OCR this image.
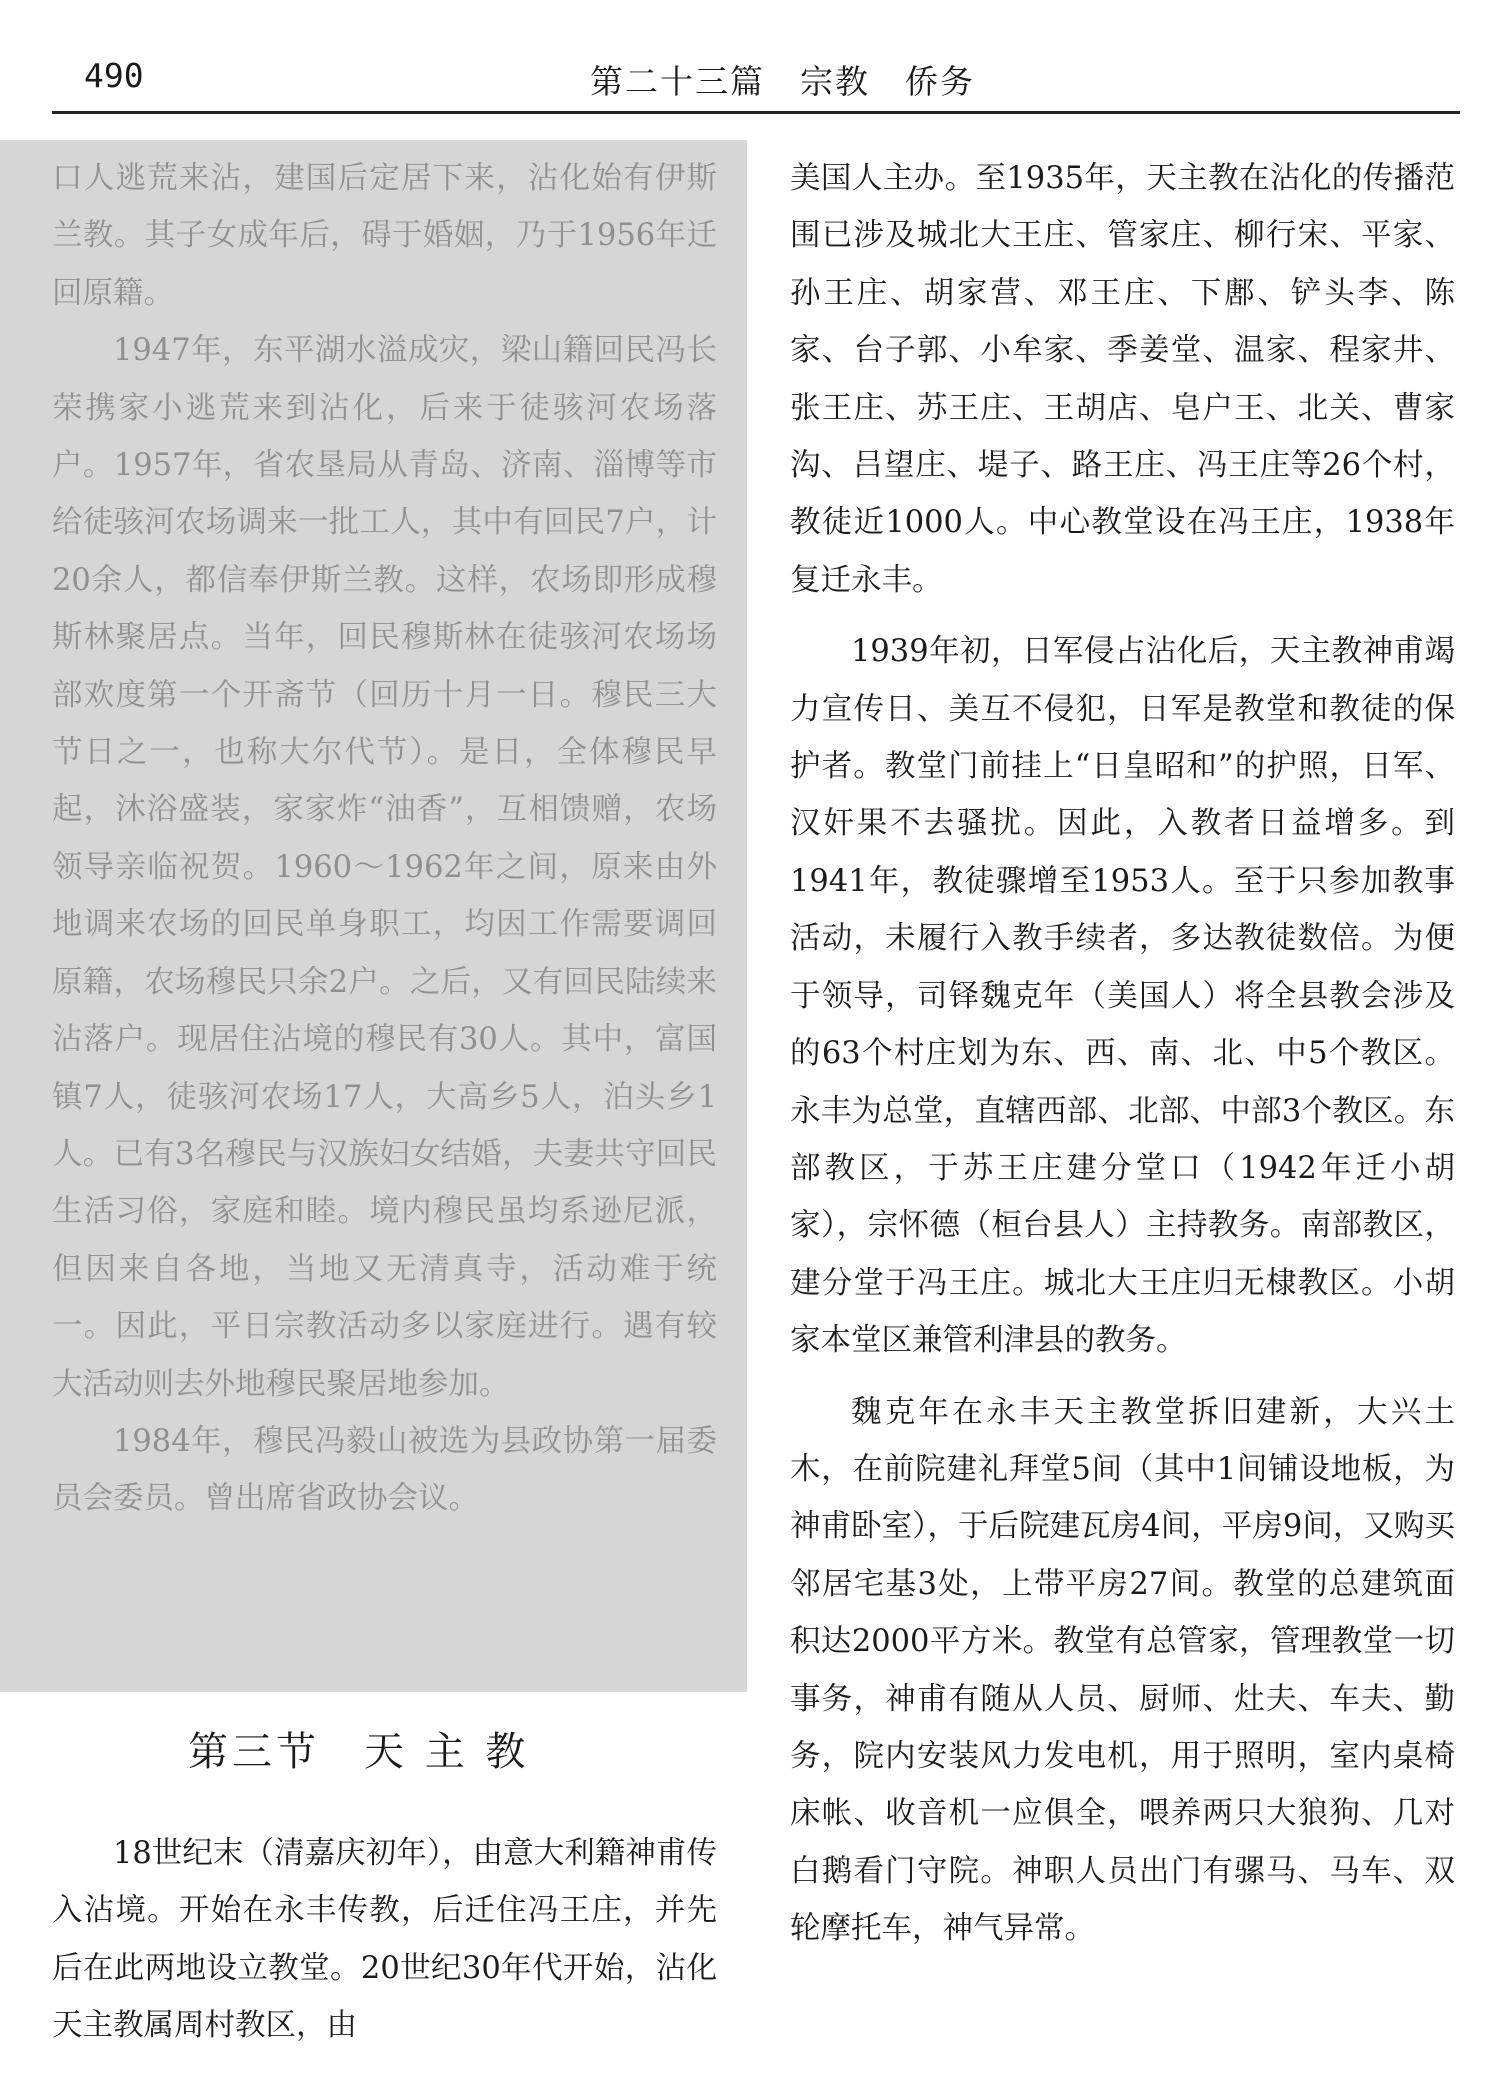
490	第二十三篇　宗教　侨务

口人逃荒来沾，建国后定居下来，沾化始有伊斯兰教。其子女成年后，碍于婚姻，乃于1956年迁回原籍。

1947年，东平湖水溢成灾，梁山籍回民冯长荣携家小逃荒来到沾化，后来于徒骇河农场落户。1957年，省农垦局从青岛、济南、淄博等市给徒骇河农场调来一批工人，其中有回民7户，计20余人，都信奉伊斯兰教。这样，农场即形成穆斯林聚居点。当年，回民穆斯林在徒骇河农场场部欢度第一个开斋节（回历十月一日。穆民三大节日之一，也称大尔代节）。是日，全体穆民早起，沐浴盛装，家家炸“油香”，互相馈赠，农场领导亲临祝贺。1960～1962年之间，原来由外地调来农场的回民单身职工，均因工作需要调回原籍，农场穆民只余2户。之后，又有回民陆续来沾落户。现居住沾境的穆民有30人。其中，富国镇7人，徒骇河农场17人，大高乡5人，泊头乡1人。已有3名穆民与汉族妇女结婚，夫妻共守回民生活习俗，家庭和睦。境内穆民虽均系逊尼派，但因来自各地，当地又无清真寺，活动难于统一。因此，平日宗教活动多以家庭进行。遇有较大活动则去外地穆民聚居地参加。

1984年，穆民冯毅山被选为县政协第一届委员会委员。曾出席省政协会议。

第三节　天 主 教

18世纪末（清嘉庆初年），由意大利籍神甫传入沾境。开始在永丰传教，后迁住冯王庄，并先后在此两地设立教堂。20世纪30年代开始，沾化天主教属周村教区，由

美国人主办。至1935年，天主教在沾化的传播范围已涉及城北大王庄、管家庄、柳行宋、平家、孙王庄、胡家营、邓王庄、下鄌、铲头李、陈家、台子郭、小牟家、季姜堂、温家、程家井、张王庄、苏王庄、王胡店、皂户王、北关、曹家沟、吕望庄、堤子、路王庄、冯王庄等26个村，教徒近1000人。中心教堂设在冯王庄，1938年复迁永丰。

1939年初，日军侵占沾化后，天主教神甫竭力宣传日、美互不侵犯，日军是教堂和教徒的保护者。教堂门前挂上“日皇昭和”的护照，日军、汉奸果不去骚扰。因此，入教者日益增多。到1941年，教徒骤增至1953人。至于只参加教事活动，未履行入教手续者，多达教徒数倍。为便于领导，司铎魏克年（美国人）将全县教会涉及的63个村庄划为东、西、南、北、中5个教区。永丰为总堂，直辖西部、北部、中部3个教区。东部教区，于苏王庄建分堂口（1942年迁小胡家），宗怀德（桓台县人）主持教务。南部教区，建分堂于冯王庄。城北大王庄归无棣教区。小胡家本堂区兼管利津县的教务。

魏克年在永丰天主教堂拆旧建新，大兴土木，在前院建礼拜堂5间（其中1间铺设地板，为神甫卧室），于后院建瓦房4间，平房9间，又购买邻居宅基3处，上带平房27间。教堂的总建筑面积达2000平方米。教堂有总管家，管理教堂一切事务，神甫有随从人员、厨师、灶夫、车夫、勤务，院内安装风力发电机，用于照明，室内桌椅床帐、收音机一应俱全，喂养两只大狼狗、几对白鹅看门守院。神职人员出门有骡马、马车、双轮摩托车，神气异常。
